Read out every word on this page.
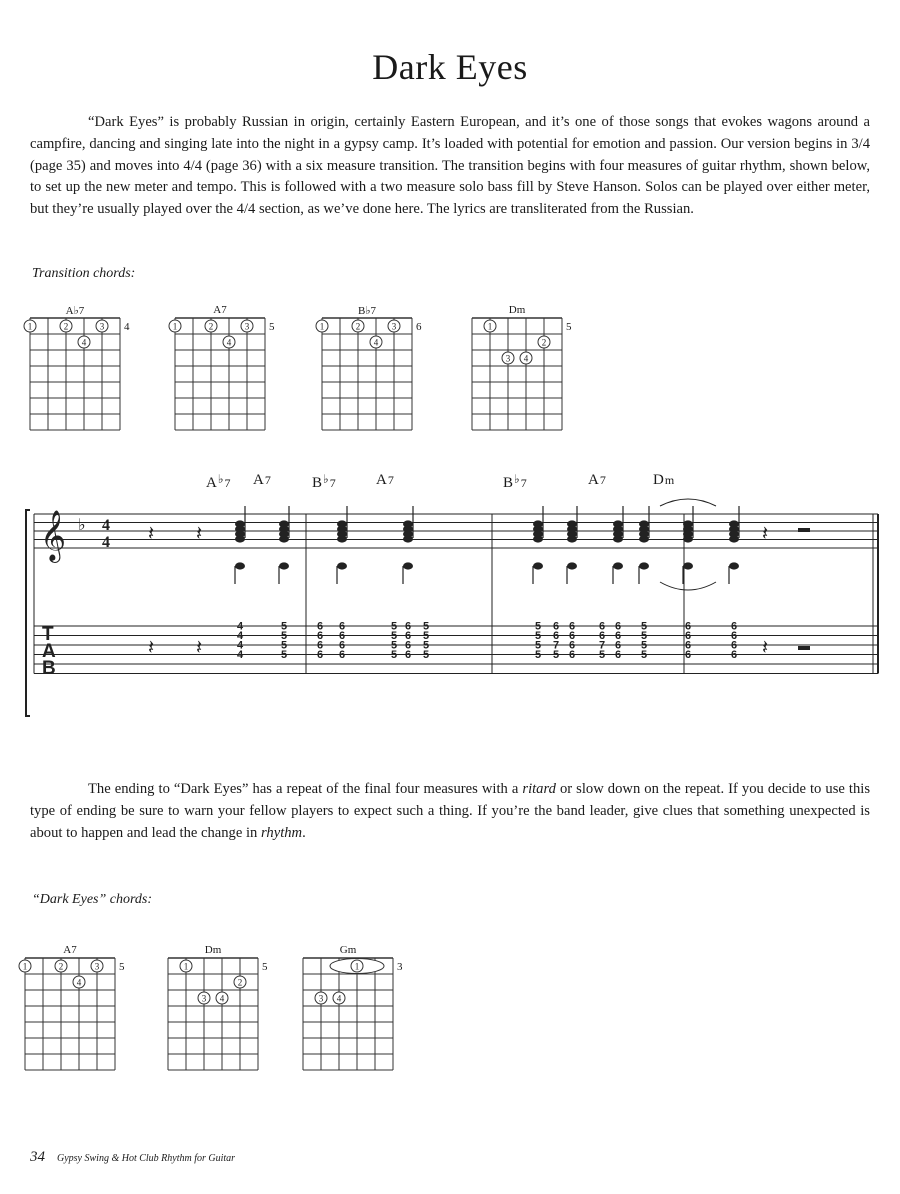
Dark Eyes

“Dark Eyes” is probably Russian in origin, certainly Eastern European, and it’s one of those songs that evokes wagons around a campfire, dancing and singing late into the night in a gypsy camp. It’s loaded with potential for emotion and passion. Our version begins in 3/4 (page 35) and moves into 4/4 (page 36) with a six measure transition. The transition begins with four measures of guitar rhythm, shown below, to set up the new meter and tempo. This is followed with a two measure solo bass fill by Steve Hanson. Solos can be played over either meter, but they’re usually played over the 4/4 section, as we’ve done here. The lyrics are transliterated from the Russian.

Transition chords:
1	2	3
4
A♭7
4	1	2	3
4
A7
5	1	2	3
4
B♭7
6	1
2
3 4
Dm
5
A♭7 A7	B♭7	A7	B♭7	A7	Dm
𝄞 ♭ 4
4
T
A
B
𝄽
𝄽
𝄽
𝄽
𝄽
𝄽
4
4
4
4
5
5
5
5
6
6
6
6
6
6
6
6
5
5
5
5
6
6
6
6
6
6
6
6
5
5
5
5
6
6
6
6
6
6
6
6
6
6
6
6
5
5
5
5
5
5
5
5
6
6
7
5
6
6
7
5

The ending to “Dark Eyes” has a repeat of the final four measures with a ritard or slow down on the repeat. If you decide to use this type of ending be sure to warn your fellow players to expect such a thing. If you’re the band leader, give clues that something unexpected is about to happen and lead the change in rhythm.

“Dark Eyes” chords:
1	2	3
4
A7
5	1
2
3 4
Dm
5	1
3 4
Gm
3
34 Gypsy Swing & Hot Club Rhythm for Guitar
